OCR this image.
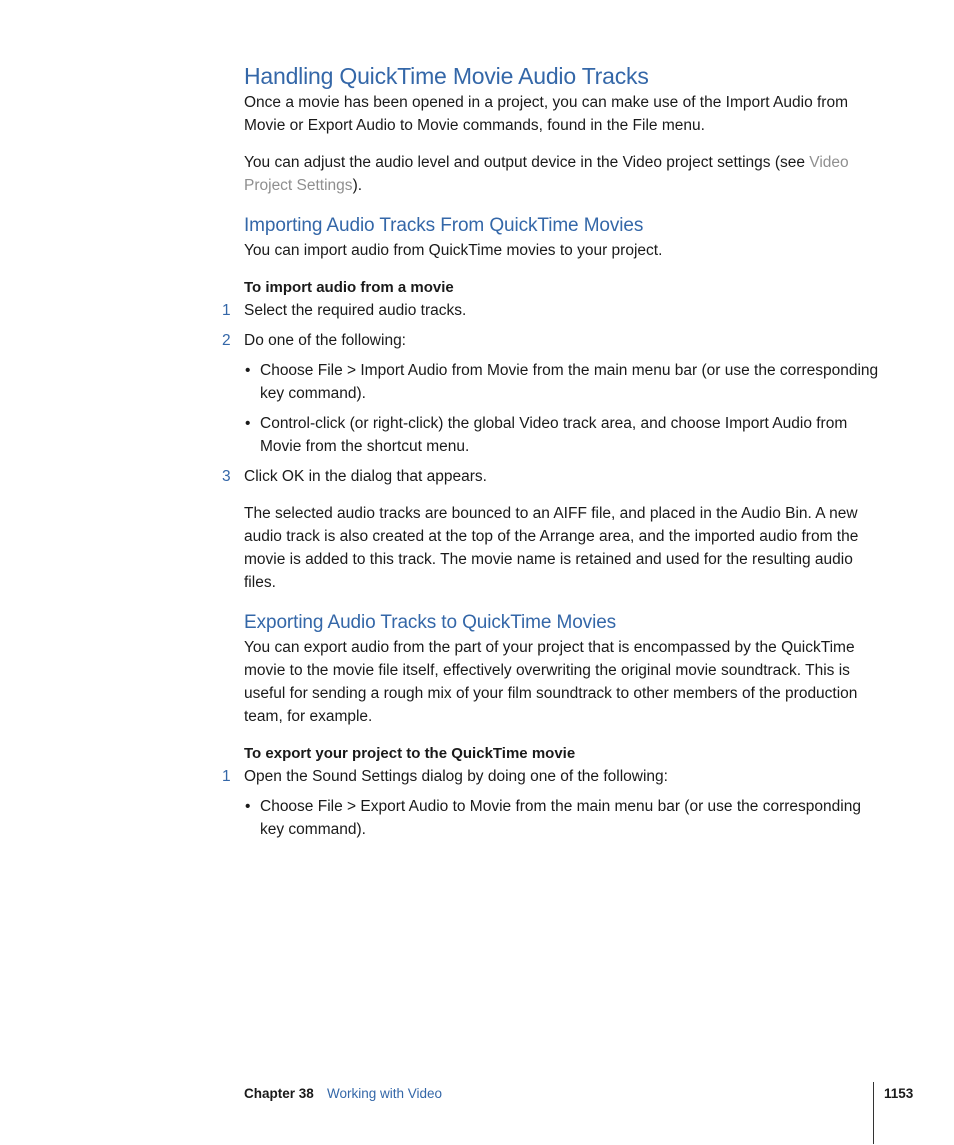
Handling QuickTime Movie Audio Tracks

Once a movie has been opened in a project, you can make use of the Import Audio from Movie or Export Audio to Movie commands, found in the File menu.

You can adjust the audio level and output device in the Video project settings (see Video Project Settings).

Importing Audio Tracks From QuickTime Movies

You can import audio from QuickTime movies to your project.

To import audio from a movie

1 Select the required audio tracks.
2 Do one of the following:
• Choose File > Import Audio from Movie from the main menu bar (or use the corresponding key command).
• Control-click (or right-click) the global Video track area, and choose Import Audio from Movie from the shortcut menu.
3 Click OK in the dialog that appears.

The selected audio tracks are bounced to an AIFF file, and placed in the Audio Bin. A new audio track is also created at the top of the Arrange area, and the imported audio from the movie is added to this track. The movie name is retained and used for the resulting audio files.

Exporting Audio Tracks to QuickTime Movies

You can export audio from the part of your project that is encompassed by the QuickTime movie to the movie file itself, effectively overwriting the original movie soundtrack. This is useful for sending a rough mix of your film soundtrack to other members of the production team, for example.

To export your project to the QuickTime movie

1 Open the Sound Settings dialog by doing one of the following:
• Choose File > Export Audio to Movie from the main menu bar (or use the corresponding key command).
Chapter 38 Working with Video	1153
